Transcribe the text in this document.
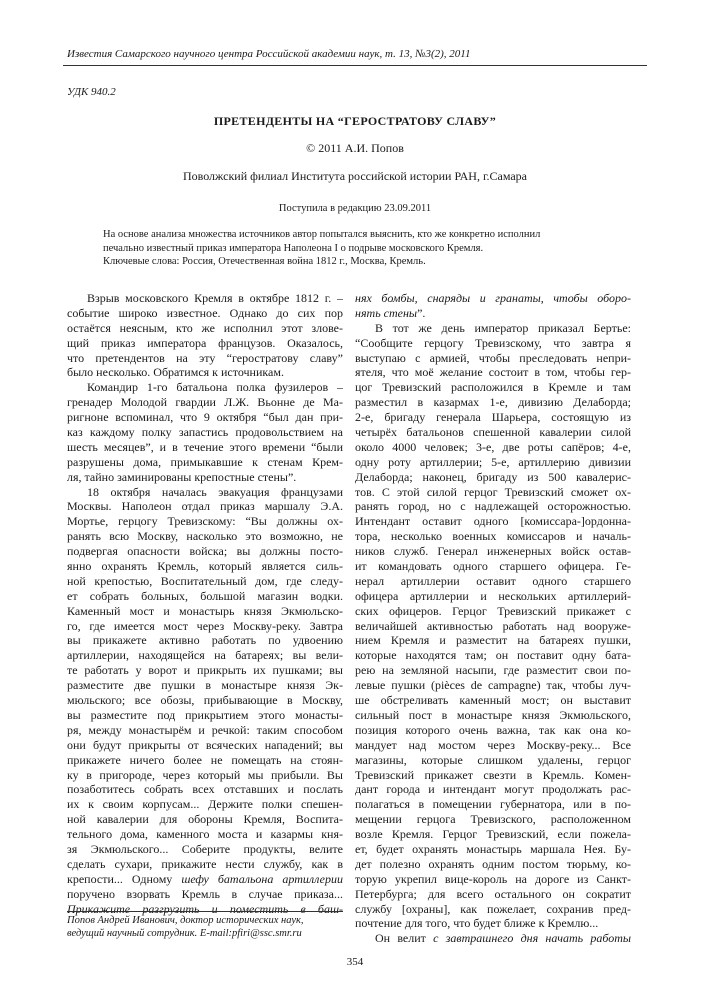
Известия Самарского научного центра Российской академии наук, т. 13, №3(2), 2011
УДК 940.2
ПРЕТЕНДЕНТЫ НА “ГЕРОСТРАТОВУ СЛАВУ”
© 2011 А.И. Попов
Поволжский филиал Института российской истории РАН, г.Самара
Поступила в редакцию 23.09.2011
На основе анализа множества источников автор попытался выяснить, кто же конкретно исполнил
печально известный приказ императора Наполеона I о подрыве московского Кремля.
Ключевые слова: Россия, Отечественная война 1812 г., Москва, Кремль.
Взрыв московского Кремля в октябре 1812 г. –
событие широко известное. Однако до сих пор
остаётся неясным, кто же исполнил этот злове-
щий приказ императора французов. Оказалось,
что претендентов на эту “геростратову славу”
было несколько. Обратимся к источникам.
Командир 1-го батальона полка фузилеров –
гренадер Молодой гвардии Л.Ж. Вьонне де Ма-
ригноне вспоминал, что 9 октября “был дан при-
каз каждому полку запастись продовольствием на
шесть месяцев”, и в течение этого времени “были
разрушены дома, примыкавшие к стенам Крем-
ля, тайно заминированы крепостные стены”.
18 октября началась эвакуация французами
Москвы. Наполеон отдал приказ маршалу Э.А.
Мортье, герцогу Тревизскому: “Вы должны ох-
ранять всю Москву, насколько это возможно, не
подвергая опасности войска; вы должны посто-
янно охранять Кремль, который является силь-
ной крепостью, Воспитательный дом, где следу-
ет собрать больных, большой магазин водки.
Каменный мост и монастырь князя Экмюльско-
го, где имеется мост через Москву-реку. Завтра
вы прикажете активно работать по удвоению
артиллерии, находящейся на батареях; вы вели-
те работать у ворот и прикрыть их пушками; вы
разместите две пушки в монастыре князя Эк-
мюльского; все обозы, прибывающие в Москву,
вы разместите под прикрытием этого монасты-
ря, между монастырём и речкой: таким способом
они будут прикрыты от всяческих нападений; вы
прикажете ничего более не помещать на стоян-
ку в пригороде, через который мы прибыли. Вы
позаботитесь собрать всех отставших и послать
их к своим корпусам... Держите полки спешен-
ной кавалерии для обороны Кремля, Воспита-
тельного дома, каменного моста и казармы кня-
зя Экмюльского... Соберите продукты, велите
сделать сухари, прикажите нести службу, как в
крепости... Одному шефу батальона артиллерии
поручено взорвать Кремль в случае приказа...
Прикажите разгрузить и поместить в баш-
нях бомбы, снаряды и гранаты, чтобы оборо-
нять стены”.
В тот же день император приказал Бертье:
“Сообщите герцогу Тревизскому, что завтра я
выступаю с армией, чтобы преследовать непри-
ятеля, что моё желание состоит в том, чтобы гер-
цог Тревизский расположился в Кремле и там
разместил в казармах 1-е, дивизию Делаборда;
2-е, бригаду генерала Шарьера, состоящую из
четырёх батальонов спешенной кавалерии силой
около 4000 человек; 3-е, две роты сапёров; 4-е,
одну роту артиллерии; 5-е, артиллерию дивизии
Делаборда; наконец, бригаду из 500 кавалерис-
тов. С этой силой герцог Тревизский сможет ох-
ранять город, но с надлежащей осторожностью.
Интендант оставит одного [комиссара-]ордонна-
тора, несколько военных комиссаров и началь-
ников служб. Генерал инженерных войск остав-
ит командовать одного старшего офицера. Ге-
нерал артиллерии оставит одного старшего
офицера артиллерии и нескольких артиллерий-
ских офицеров. Герцог Тревизский прикажет с
величайшей активностью работать над вооруже-
нием Кремля и разместит на батареях пушки,
которые находятся там; он поставит одну бата-
рею на земляной насыпи, где разместит свои по-
левые пушки (pièces de campagne) так, чтобы луч-
ше обстреливать каменный мост; он выставит
сильный пост в монастыре князя Экмюльского,
позиция которого очень важна, так как она ко-
мандует над мостом через Москву-реку... Все
магазины, которые слишком удалены, герцог
Тревизский прикажет свезти в Кремль. Комен-
дант города и интендант могут продолжать рас-
полагаться в помещении губернатора, или в по-
мещении герцога Тревизского, расположенном
возле Кремля. Герцог Тревизский, если пожела-
ет, будет охранять монастырь маршала Нея. Бу-
дет полезно охранять одним постом тюрьму, ко-
торую укрепил вице-король на дороге из Санкт-
Петербурга; для всего остального он сократит
службу [охраны], как пожелает, сохранив пред-
почтение для того, что будет ближе к Кремлю...
Он велит с завтрашнего дня начать работы
Попов Андрей Иванович, доктор исторических наук,
ведущий научный сотрудник. E-mail:pfiri@ssc.smr.ru
354
